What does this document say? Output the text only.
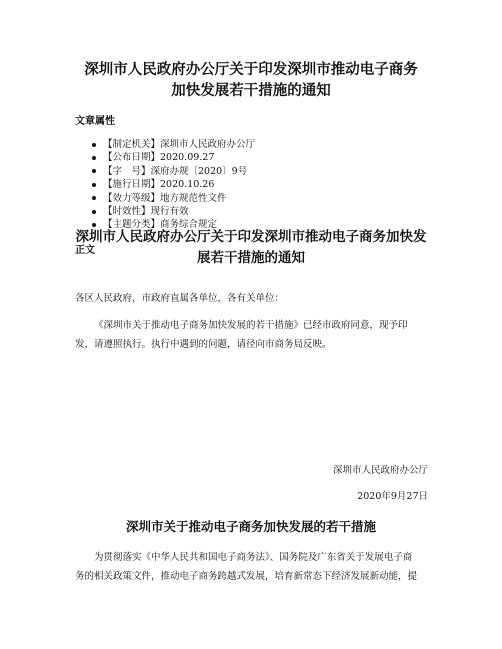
深圳市人民政府办公厅关于印发深圳市推动电子商务
加快发展若干措施的通知
文章属性
【制定机关】深圳市人民政府办公厅
【公布日期】2020.09.27
【字　号】深府办规〔2020〕9号
【施行日期】2020.10.26
【效力等级】地方规范性文件
【时效性】现行有效
【主题分类】商务综合规定
正文
深圳市人民政府办公厅关于印发深圳市推动电子商务加快发
展若干措施的通知

各区人民政府，市政府直属各单位，各有关单位：

《深圳市关于推动电子商务加快发展的若干措施》已经市政府同意，现予印
发，请遵照执行。执行中遇到的问题，请径向市商务局反映。
深圳市人民政府办公厅
2020年9月27日
深圳市关于推动电子商务加快发展的若干措施
为贯彻落实《中华人民共和国电子商务法》、国务院及广东省关于发展电子商
务的相关政策文件，推动电子商务跨越式发展，培育新常态下经济发展新动能，提
